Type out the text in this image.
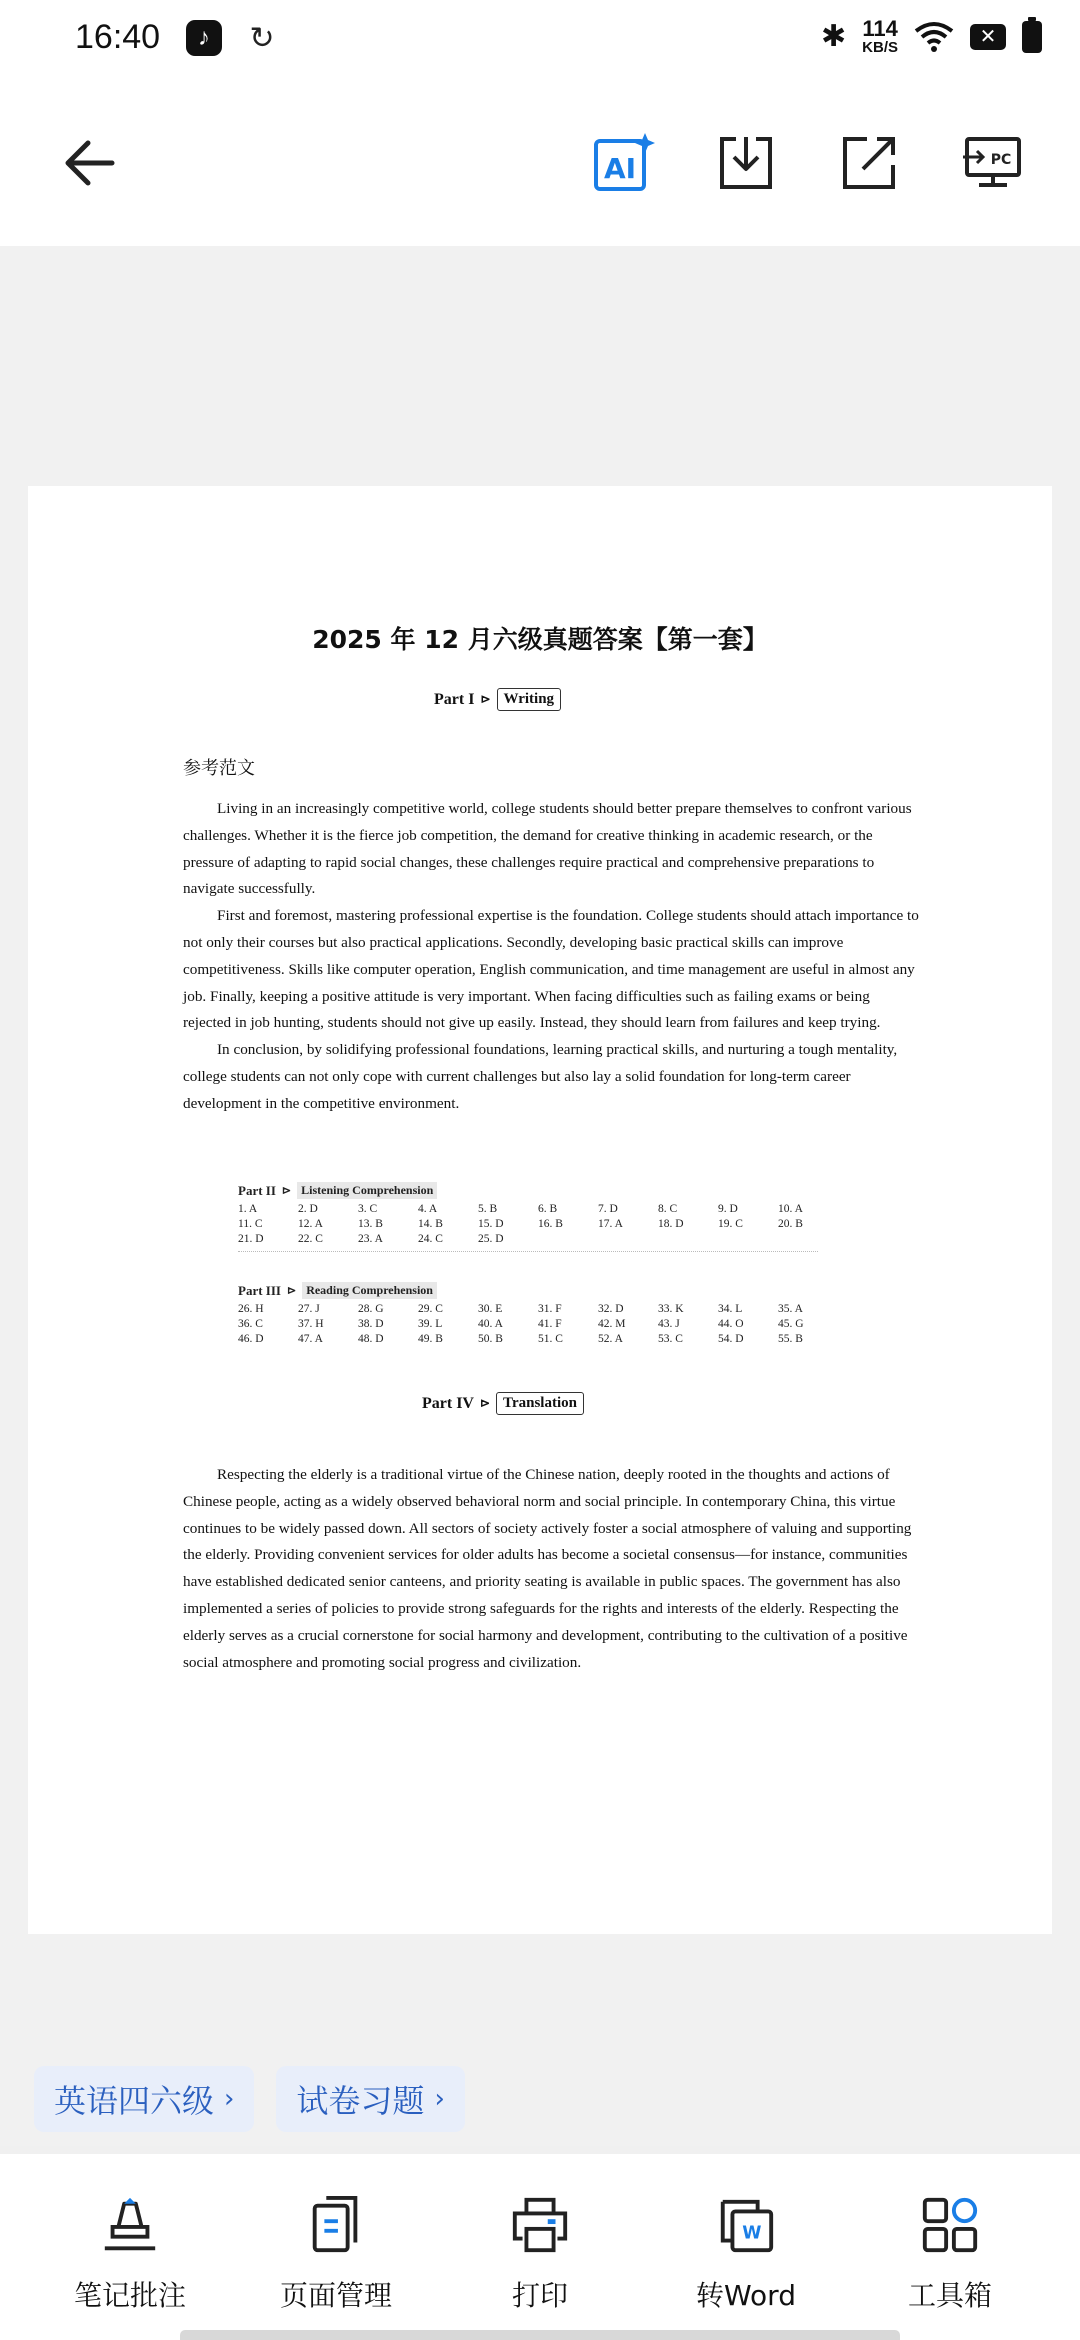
16:40	♪	↻	✱ 114
KB/S	✕
AI	PC
2025 年 12 月六级真题答案【第一套】
Part I ⊳ Writing
参考范文

Living in an increasingly competitive world, college students should better prepare themselves to confront various challenges. Whether it is the fierce job competition, the demand for creative thinking in academic research, or the pressure of adapting to rapid social changes, these challenges require practical and comprehensive preparations to navigate successfully.

First and foremost, mastering professional expertise is the foundation. College students should attach importance to not only their courses but also practical applications. Secondly, developing basic practical skills can improve competitiveness. Skills like computer operation, English communication, and time management are useful in almost any job. Finally, keeping a positive attitude is very important. When facing difficulties such as failing exams or being rejected in job hunting, students should not give up easily. Instead, they should learn from failures and keep trying.

In conclusion, by solidifying professional foundations, learning practical skills, and nurturing a tough mentality, college students can not only cope with current challenges but also lay a solid foundation for long-term career development in the competitive environment.

Part II ⊳ Listening Comprehension
1. A	2. D	3. C	4. A	5. B	6. B	7. D	8. C	9. D	10. A
11. C	12. A	13. B	14. B	15. D	16. B	17. A	18. D	19. C	20. B
21. D	22. C	23. A	24. C	25. D
Part III ⊳ Reading Comprehension
26. H	27. J	28. G	29. C	30. E	31. F	32. D	33. K	34. L	35. A
36. C	37. H	38. D	39. L	40. A	41. F	42. M	43. J	44. O	45. G
46. D	47. A	48. D	49. B	50. B	51. C	52. A	53. C	54. D	55. B
Part IV ⊳ Translation

Respecting the elderly is a traditional virtue of the Chinese nation, deeply rooted in the thoughts and actions of Chinese people, acting as a widely observed behavioral norm and social principle. In contemporary China, this virtue continues to be widely passed down. All sectors of society actively foster a social atmosphere of valuing and supporting the elderly. Providing convenient services for older adults has become a societal consensus—for instance, communities have established dedicated senior canteens, and priority seating is available in public spaces. The government has also implemented a series of policies to provide strong safeguards for the rights and interests of the elderly. Respecting the elderly serves as a crucial cornerstone for social harmony and development, contributing to the cultivation of a positive social atmosphere and promoting social progress and civilization.

英语四六级 › 试卷习题 ›
笔记批注	页面管理	打印
W
转Word	工具箱
